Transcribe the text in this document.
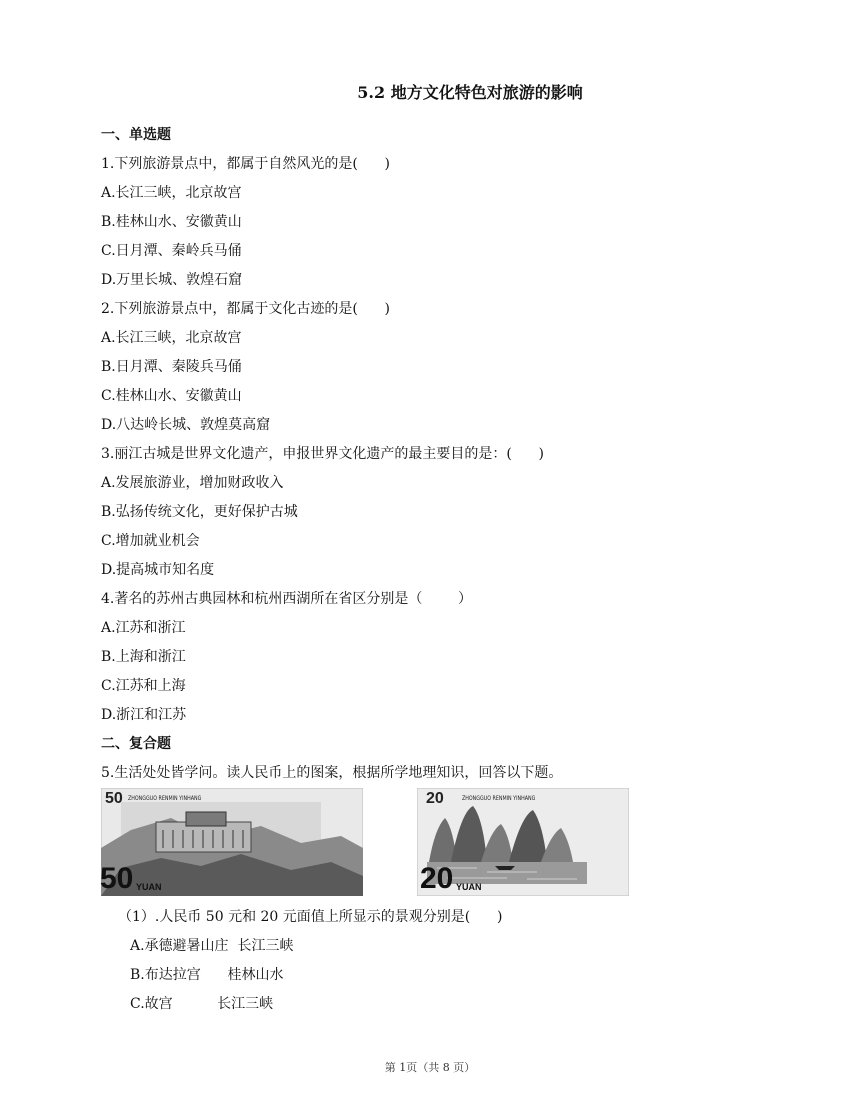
5.2 地方文化特色对旅游的影响
一、单选题
1.下列旅游景点中，都属于自然风光的是(      )
A.长江三峡，北京故宫
B.桂林山水、安徽黄山
C.日月潭、秦岭兵马俑
D.万里长城、敦煌石窟
2.下列旅游景点中，都属于文化古迹的是(      )
A.长江三峡，北京故宫
B.日月潭、秦陵兵马俑
C.桂林山水、安徽黄山
D.八达岭长城、敦煌莫高窟
3.丽江古城是世界文化遗产，申报世界文化遗产的最主要目的是：(      )
A.发展旅游业，增加财政收入
B.弘扬传统文化，更好保护古城
C.增加就业机会
D.提高城市知名度
4.著名的苏州古典园林和杭州西湖所在省区分别是（        ）
A.江苏和浙江
B.上海和浙江
C.江苏和上海
D.浙江和江苏
二、复合题
5.生活处处皆学问。读人民币上的图案，根据所学地理知识，回答以下题。
50 ZHONGGUO RENMIN YINHANG
50 YUAN
20	ZHONGGUO RENMIN YINHANG
20 YUAN
（1）.人民币 50 元和 20 元面值上所显示的景观分别是(      )
A.承德避暑山庄  长江三峡
B.布达拉宫      桂林山水
C.故宫          长江三峡
第 1页（共 8 页）
